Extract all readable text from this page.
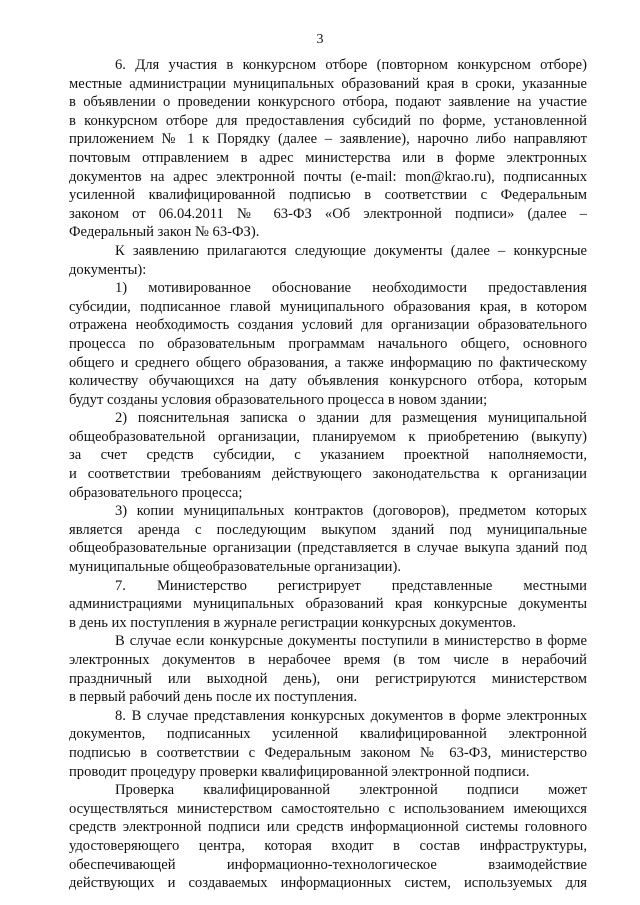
3
6. Для участия в конкурсном отборе (повторном конкурсном отборе)
местные администрации муниципальных образований края в сроки, указанные
в объявлении о проведении конкурсного отбора, подают заявление на участие
в конкурсном отборе для предоставления субсидий по форме, установленной
приложением № 1 к Порядку (далее – заявление), нарочно либо направляют
почтовым отправлением в адрес министерства или в форме электронных
документов на адрес электронной почты (e-mail: mon@krao.ru), подписанных
усиленной квалифицированной подписью в соответствии с Федеральным
законом от 06.04.2011 № 63-ФЗ «Об электронной подписи» (далее –
Федеральный закон № 63-ФЗ).
К заявлению прилагаются следующие документы (далее – конкурсные
документы):
1) мотивированное обоснование необходимости предоставления
субсидии, подписанное главой муниципального образования края, в котором
отражена необходимость создания условий для организации образовательного
процесса по образовательным программам начального общего, основного
общего и среднего общего образования, а также информацию по фактическому
количеству обучающихся на дату объявления конкурсного отбора, которым
будут созданы условия образовательного процесса в новом здании;
2) пояснительная записка о здании для размещения муниципальной
общеобразовательной организации, планируемом к приобретению (выкупу)
за счет средств субсидии, с указанием проектной наполняемости,
и соответствии требованиям действующего законодательства к организации
образовательного процесса;
3) копии муниципальных контрактов (договоров), предметом которых
является аренда с последующим выкупом зданий под муниципальные
общеобразовательные организации (представляется в случае выкупа зданий под
муниципальные общеобразовательные организации).
7. Министерство регистрирует представленные местными
администрациями муниципальных образований края конкурсные документы
в день их поступления в журнале регистрации конкурсных документов.
В случае если конкурсные документы поступили в министерство в форме
электронных документов в нерабочее время (в том числе в нерабочий
праздничный или выходной день), они регистрируются министерством
в первый рабочий день после их поступления.
8. В случае представления конкурсных документов в форме электронных
документов, подписанных усиленной квалифицированной электронной
подписью в соответствии с Федеральным законом № 63-ФЗ, министерство
проводит процедуру проверки квалифицированной электронной подписи.
Проверка квалифицированной электронной подписи может
осуществляться министерством самостоятельно с использованием имеющихся
средств электронной подписи или средств информационной системы головного
удостоверяющего центра, которая входит в состав инфраструктуры,
обеспечивающей информационно-технологическое взаимодействие
действующих и создаваемых информационных систем, используемых для
